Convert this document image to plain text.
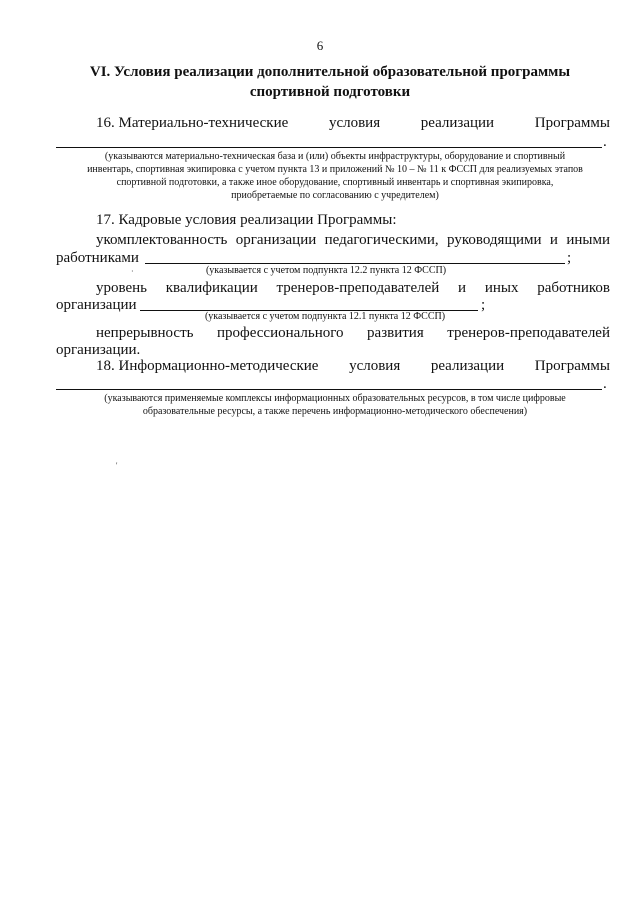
6
VI. Условия реализации дополнительной образовательной программы
спортивной подготовки
16. Материально-технические	условия	реализации	Программы
.
(указываются материально-техническая база и (или) объекты инфраструктуры, оборудование и спортивный
инвентарь, спортивная экипировка с учетом пункта 13 и приложений № 10 – № 11 к ФССП для реализуемых этапов
спортивной подготовки, а также иное оборудование, спортивный инвентарь и спортивная экипировка,
приобретаемые по согласованию с учредителем)
17. Кадровые условия реализации Программы:
укомплектованность организации педагогическими, руководящими и иными
работниками	;
(указывается с учетом подпункта 12.2 пункта 12 ФССП)
·
уровень квалификации тренеров-преподавателей и иных работников
организации	;
(указывается с учетом подпункта 12.1 пункта 12 ФССП)
непрерывность профессионального развития тренеров-преподавателей
организации.
18. Информационно-методические условия реализации Программы
.
(указываются применяемые комплексы информационных образовательных ресурсов, в том числе цифровые
образовательные ресурсы, а также перечень информационно-методического обеспечения)
'
